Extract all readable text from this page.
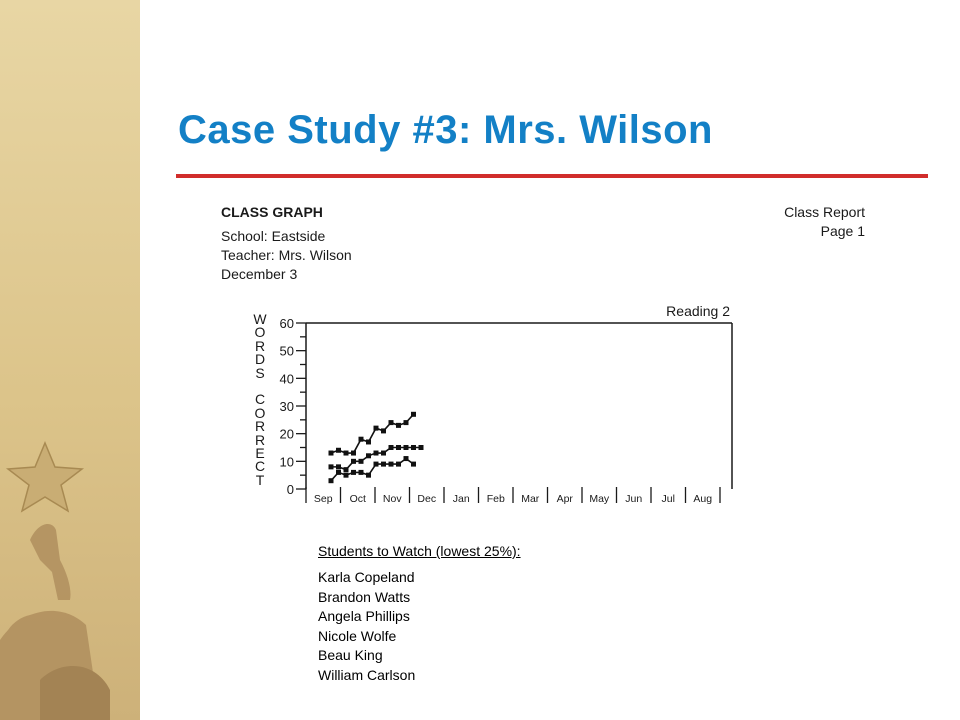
Case Study #3: Mrs. Wilson
CLASS GRAPH
School: Eastside
Teacher: Mrs. Wilson
December 3
Class Report
Page 1
W
O
R
D
S
C
O
R
R
E
C
T
Reading 2
0
10
20
30
40
50
60
Sep Oct Nov Dec Jan Feb Mar Apr May Jun Jul Aug
Students to Watch (lowest 25%):
Karla Copeland
Brandon Watts
Angela Phillips
Nicole Wolfe
Beau King
William Carlson
